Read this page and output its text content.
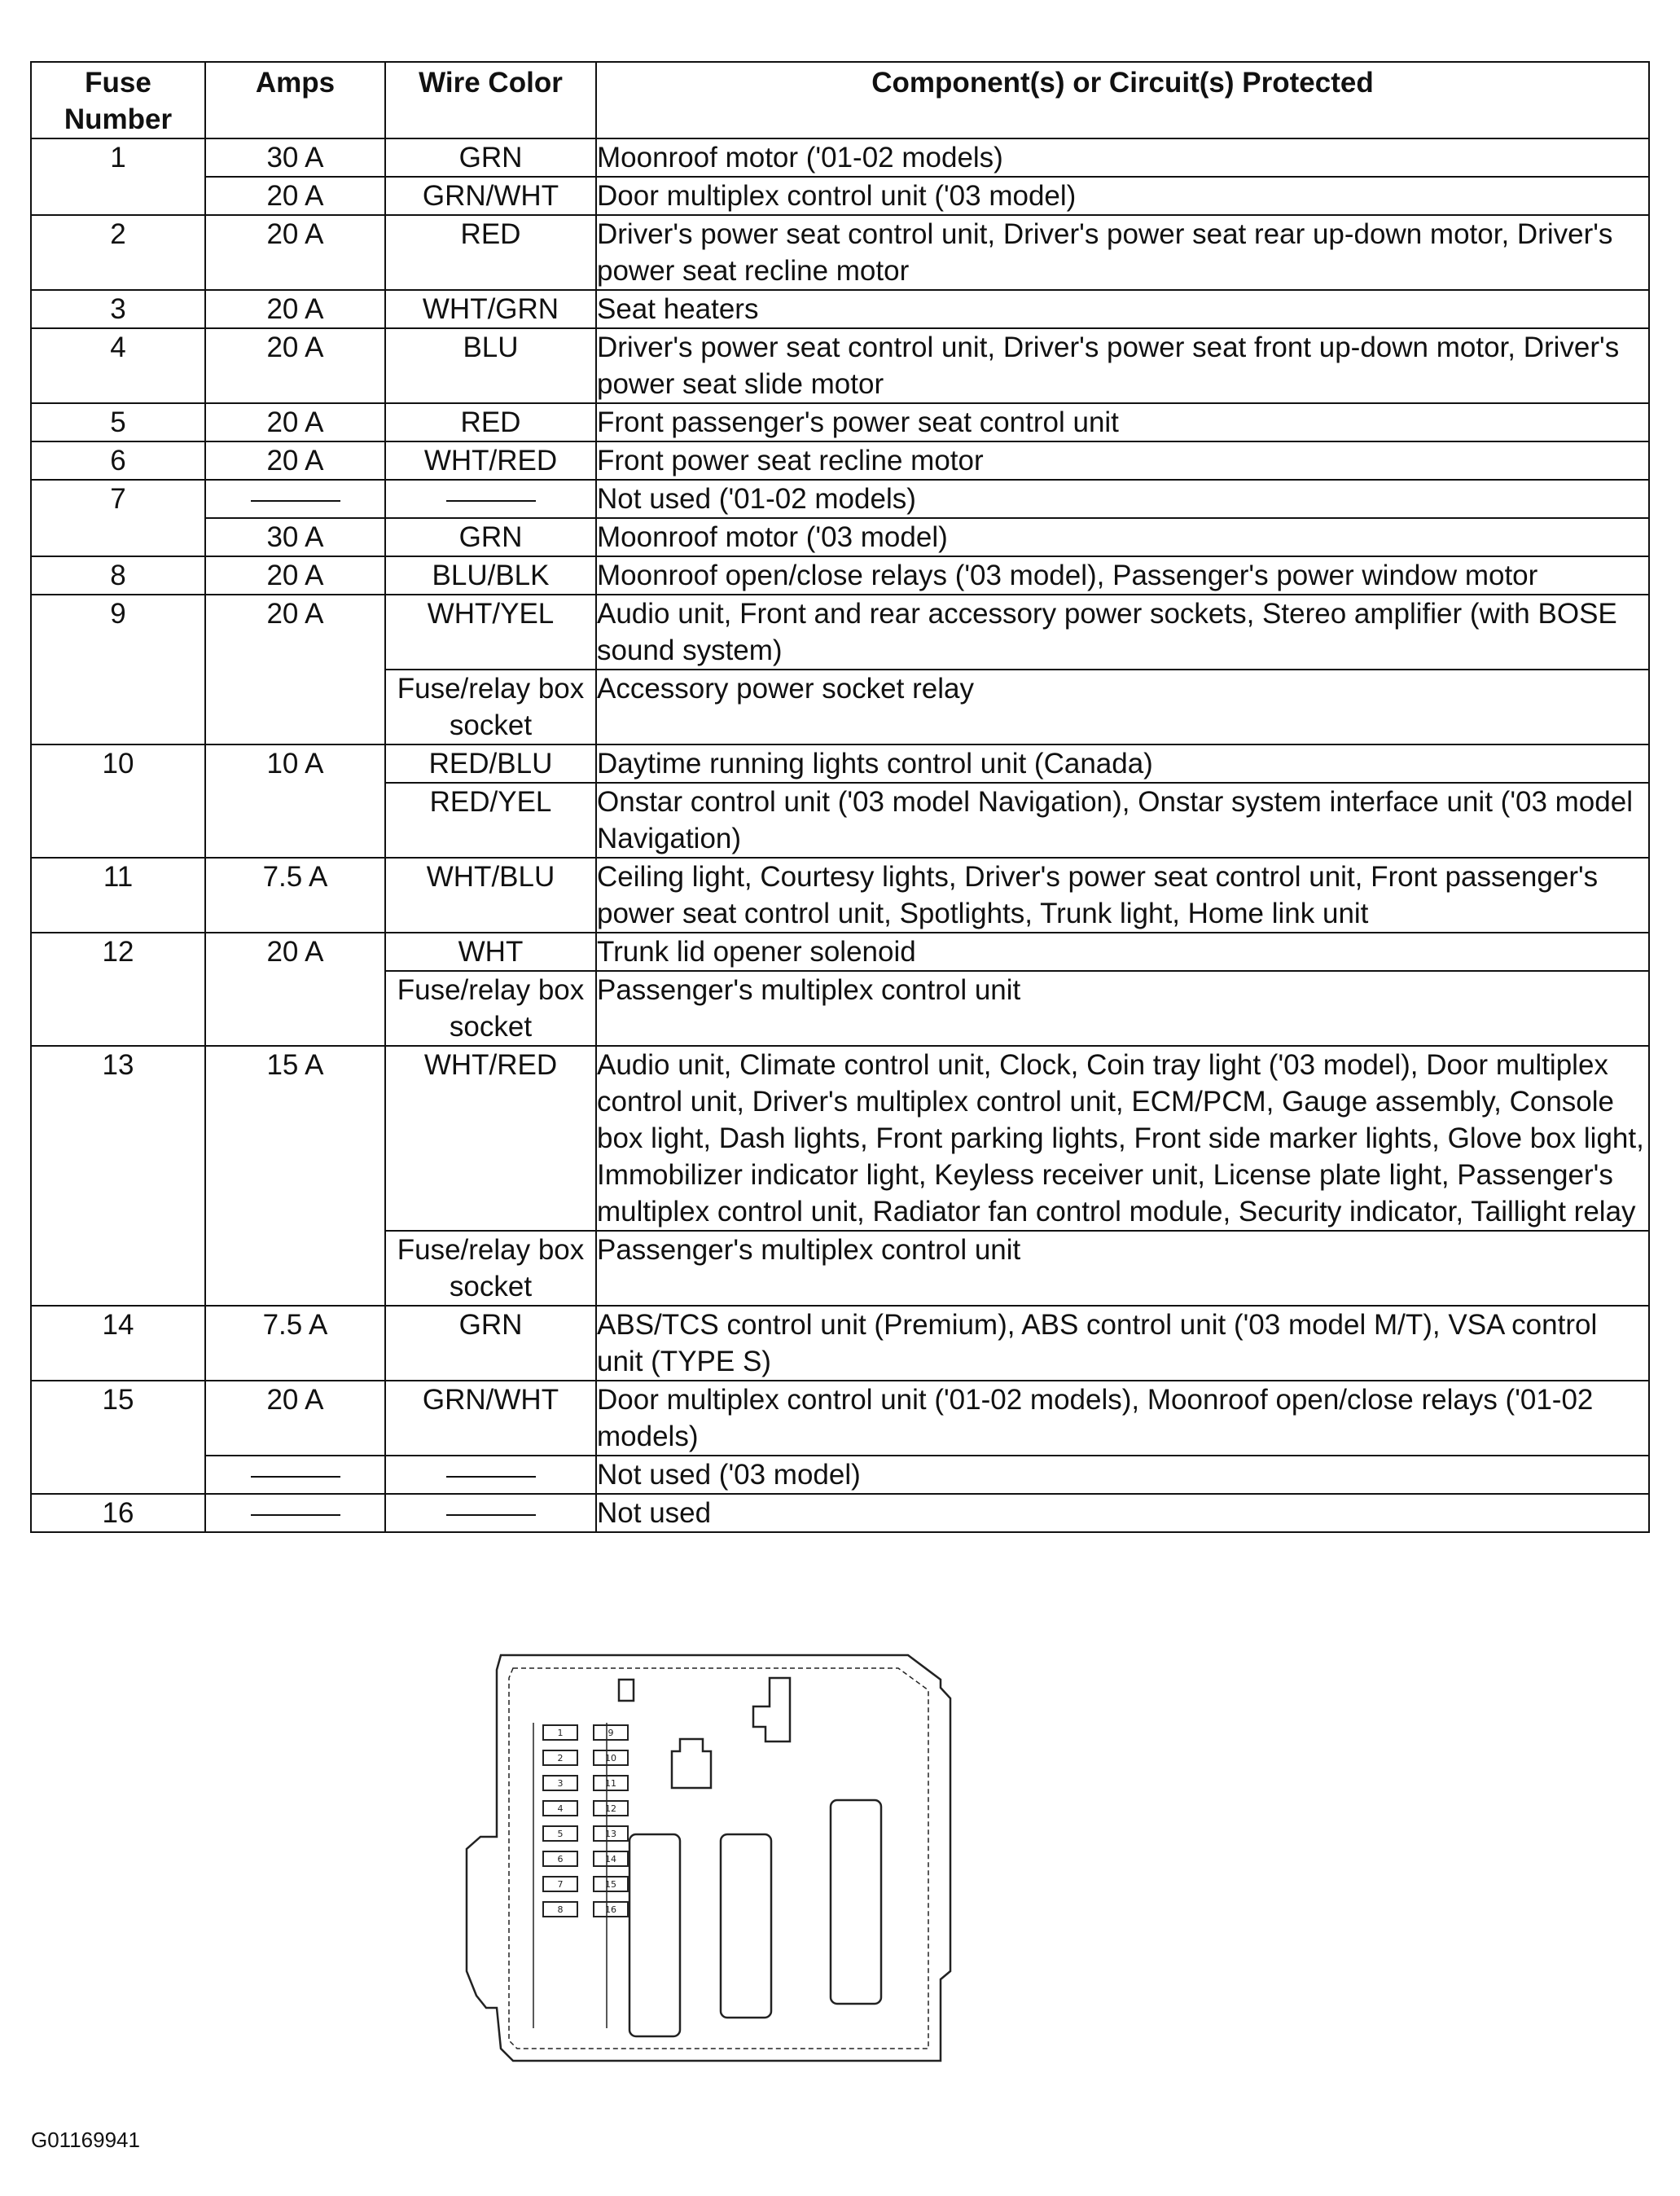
Fuse Number	Amps	Wire Color	Component(s) or Circuit(s) Protected
1	30 A	GRN	Moonroof motor ('01-02 models)
	20 A	GRN/WHT	Door multiplex control unit ('03 model)
2	20 A	RED	Driver's power seat control unit, Driver's power seat rear up-down motor, Driver's power seat recline motor
3	20 A	WHT/GRN	Seat heaters
4	20 A	BLU	Driver's power seat control unit, Driver's power seat front up-down motor, Driver's power seat slide motor
5	20 A	RED	Front passenger's power seat control unit
6	20 A	WHT/RED	Front power seat recline motor
7			Not used ('01-02 models)
	30 A	GRN	Moonroof motor ('03 model)
8	20 A	BLU/BLK	Moonroof open/close relays ('03 model), Passenger's power window motor
9	20 A	WHT/YEL	Audio unit, Front and rear accessory power sockets, Stereo amplifier (with BOSE sound system)
		Fuse/relay box socket	Accessory power socket relay
10	10 A	RED/BLU	Daytime running lights control unit (Canada)
		RED/YEL	Onstar control unit ('03 model Navigation), Onstar system interface unit ('03 model Navigation)
11	7.5 A	WHT/BLU	Ceiling light, Courtesy lights, Driver's power seat control unit, Front passenger's power seat control unit, Spotlights, Trunk light, Home link unit
12	20 A	WHT	Trunk lid opener solenoid
		Fuse/relay box socket	Passenger's multiplex control unit
13	15 A	WHT/RED	Audio unit, Climate control unit, Clock, Coin tray light ('03 model), Door multiplex control unit, Driver's multiplex control unit, ECM/PCM, Gauge assembly, Console box light, Dash lights, Front parking lights, Front side marker lights, Glove box light, Immobilizer indicator light, Keyless receiver unit, License plate light, Passenger's multiplex control unit, Radiator fan control module, Security indicator, Taillight relay
		Fuse/relay box socket	Passenger's multiplex control unit
14	7.5 A	GRN	ABS/TCS control unit (Premium), ABS control unit ('03 model M/T), VSA control unit (TYPE S)
15	20 A	GRN/WHT	Door multiplex control unit ('01-02 models), Moonroof open/close relays ('01-02 models)
			Not used ('03 model)
16			Not used
1
2
3
4
5
6
7
8
9
10
11
12
13
14
15
16
G01169941
